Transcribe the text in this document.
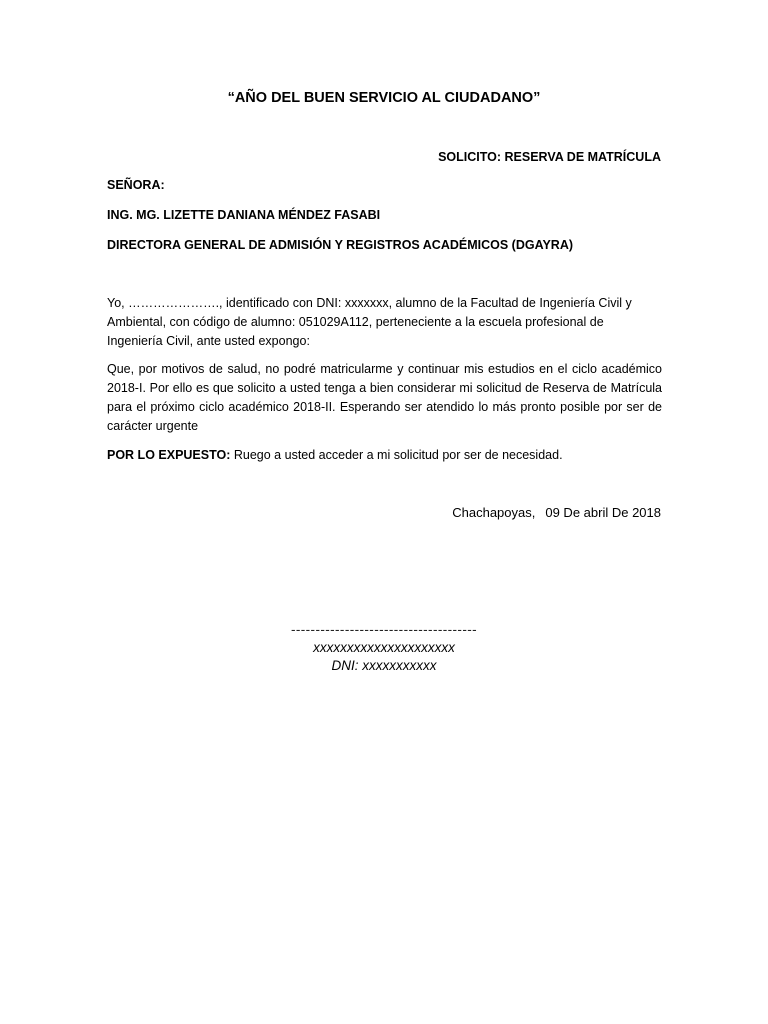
“AÑO DEL BUEN SERVICIO AL CIUDADANO”
SOLICITO: RESERVA DE MATRÍCULA
SEÑORA:
ING. MG. LIZETTE DANIANA MÉNDEZ FASABI
DIRECTORA GENERAL DE ADMISIÓN Y REGISTROS ACADÉMICOS (DGAYRA)

Yo, …………………., identificado con DNI: xxxxxxx, alumno de la Facultad de Ingeniería Civil y Ambiental, con código de alumno: 051029A112, perteneciente a la escuela profesional de Ingeniería Civil, ante usted expongo:

Que, por motivos de salud, no podré matricularme y continuar mis estudios en el ciclo académico 2018-I. Por ello es que solicito a usted tenga a bien considerar mi solicitud de Reserva de Matrícula para el próximo ciclo académico 2018-II. Esperando ser atendido lo más pronto posible por ser de carácter urgente

POR LO EXPUESTO: Ruego a usted acceder a mi solicitud por ser de necesidad.

Chachapoyas, 09 De abril De 2018
--------------------------------------
xxxxxxxxxxxxxxxxxxxxx
DNI: xxxxxxxxxxx
